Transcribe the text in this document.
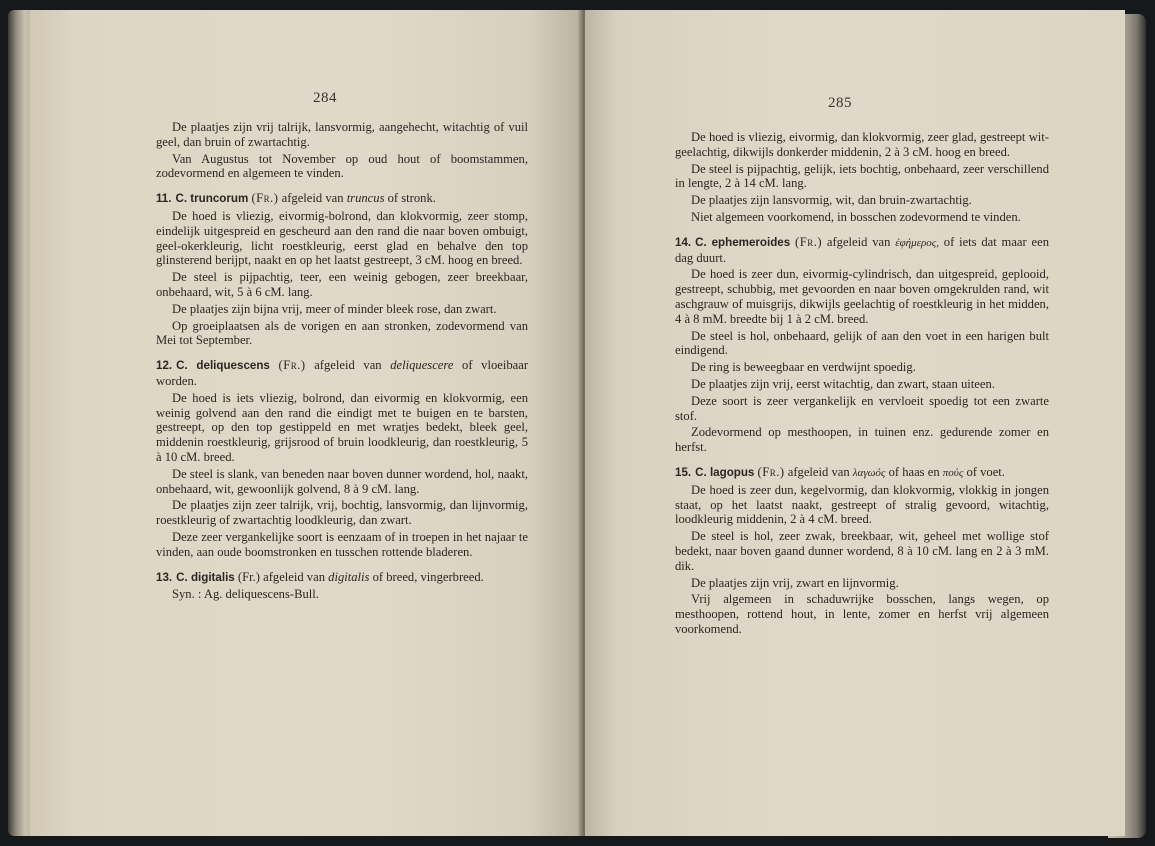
284

De plaatjes zijn vrij talrijk, lansvormig, aangehecht, witachtig of vuil geel, dan bruin of zwartachtig.

Van Augustus tot November op oud hout of boomstammen, zodevormend en algemeen te vinden.

11. C. truncorum (Fr.) afgeleid van truncus of stronk.

De hoed is vliezig, eivormig-bolrond, dan klokvormig, zeer stomp, eindelijk uitgespreid en gescheurd aan den rand die naar boven ombuigt, geel-okerkleurig, licht roestkleurig, eerst glad en behalve den top glinsterend berijpt, naakt en op het laatst gestreept, 3 cM. hoog en breed.

De steel is pijpachtig, teer, een weinig gebogen, zeer breekbaar, onbehaard, wit, 5 à 6 cM. lang.

De plaatjes zijn bijna vrij, meer of minder bleek rose, dan zwart.

Op groeiplaatsen als de vorigen en aan stronken, zodevormend van Mei tot September.

12. C. deliquescens (Fr.) afgeleid van deliquescere of vloeibaar worden.

De hoed is iets vliezig, bolrond, dan eivormig en klokvormig, een weinig golvend aan den rand die eindigt met te buigen en te barsten, gestreept, op den top gestippeld en met wratjes bedekt, bleek geel, middenin roestkleurig, grijsrood of bruin loodkleurig, dan roestkleurig, 5 à 10 cM. breed.

De steel is slank, van beneden naar boven dunner wordend, hol, naakt, onbehaard, wit, gewoonlijk golvend, 8 à 9 cM. lang.

De plaatjes zijn zeer talrijk, vrij, bochtig, lansvormig, dan lijnvormig, roestkleurig of zwartachtig loodkleurig, dan zwart.

Deze zeer vergankelijke soort is eenzaam of in troepen in het najaar te vinden, aan oude boomstronken en tusschen rottende bladeren.

13. C. digitalis (Fr.) afgeleid van digitalis of breed, vingerbreed.

Syn. : Ag. deliquescens-Bull.

285

De hoed is vliezig, eivormig, dan klokvormig, zeer glad, gestreept wit-geelachtig, dikwijls donkerder middenin, 2 à 3 cM. hoog en breed.

De steel is pijpachtig, gelijk, iets bochtig, onbehaard, zeer verschillend in lengte, 2 à 14 cM. lang.

De plaatjes zijn lansvormig, wit, dan bruin-zwartachtig.

Niet algemeen voorkomend, in bosschen zodevormend te vinden.

14. C. ephemeroides (Fr.) afgeleid van ἐφήμερος, of iets dat maar een dag duurt.

De hoed is zeer dun, eivormig-cylindrisch, dan uitgespreid, geplooid, gestreept, schubbig, met gevoorden en naar boven omgekrulden rand, wit aschgrauw of muisgrijs, dikwijls geelachtig of roestkleurig in het midden, 4 à 8 mM. breedte bij 1 à 2 cM. breed.

De steel is hol, onbehaard, gelijk of aan den voet in een harigen bult eindigend.

De ring is beweegbaar en verdwijnt spoedig.

De plaatjes zijn vrij, eerst witachtig, dan zwart, staan uiteen.

Deze soort is zeer vergankelijk en vervloeit spoedig tot een zwarte stof.

Zodevormend op mesthoopen, in tuinen enz. gedurende zomer en herfst.

15. C. lagopus (Fr.) afgeleid van λαγωός of haas en πούς of voet.

De hoed is zeer dun, kegelvormig, dan klokvormig, vlokkig in jongen staat, op het laatst naakt, gestreept of stralig gevoord, witachtig, loodkleurig middenin, 2 à 4 cM. breed.

De steel is hol, zeer zwak, breekbaar, wit, geheel met wollige stof bedekt, naar boven gaand dunner wordend, 8 à 10 cM. lang en 2 à 3 mM. dik.

De plaatjes zijn vrij, zwart en lijnvormig.

Vrij algemeen in schaduwrijke bosschen, langs wegen, op mesthoopen, rottend hout, in lente, zomer en herfst vrij algemeen voorkomend.
